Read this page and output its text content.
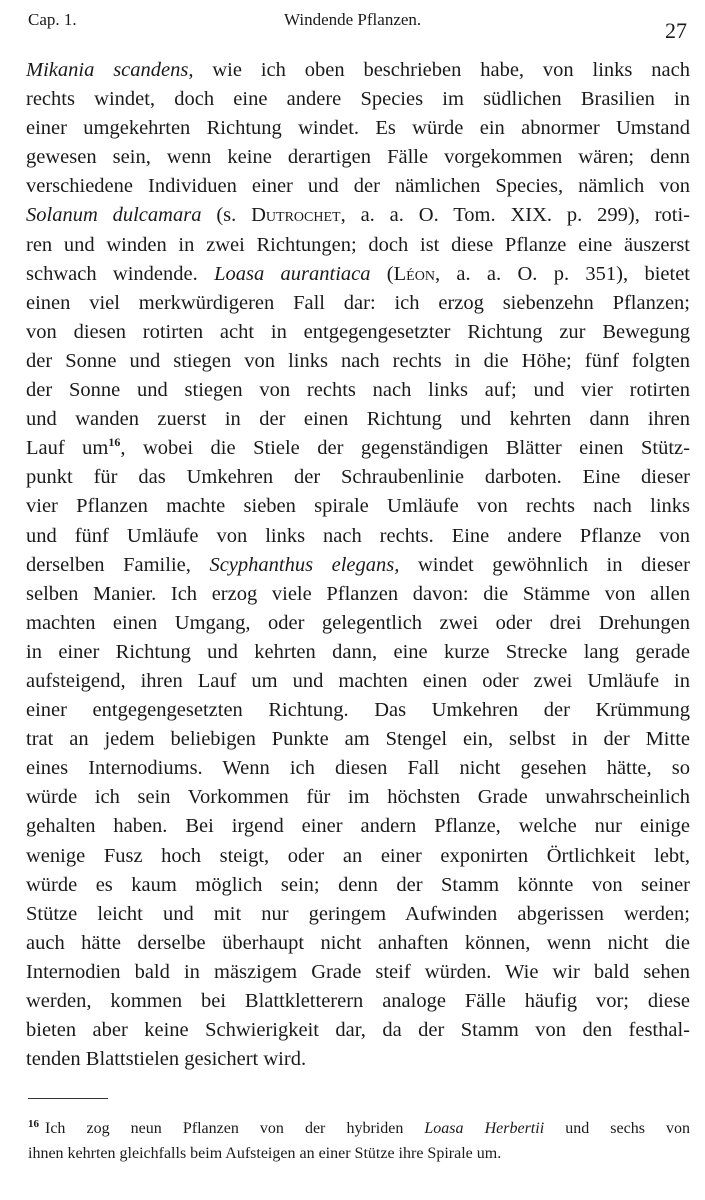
Cap. 1.	Windende Pflanzen.	27
Mikania scandens, wie ich oben beschrieben habe, von links nach
rechts windet, doch eine andere Species im südlichen Brasilien in
einer umgekehrten Richtung windet. Es würde ein abnormer Umstand
gewesen sein, wenn keine derartigen Fälle vorgekommen wären; denn
verschiedene Individuen einer und der nämlichen Species, nämlich von
Solanum dulcamara (s. Dutrochet, a. a. O. Tom. XIX. p. 299), roti-
ren und winden in zwei Richtungen; doch ist diese Pflanze eine äuszerst
schwach windende. Loasa aurantiaca (Léon, a. a. O. p. 351), bietet
einen viel merkwürdigeren Fall dar: ich erzog siebenzehn Pflanzen;
von diesen rotirten acht in entgegengesetzter Richtung zur Bewegung
der Sonne und stiegen von links nach rechts in die Höhe; fünf folgten
der Sonne und stiegen von rechts nach links auf; und vier rotirten
und wanden zuerst in der einen Richtung und kehrten dann ihren
Lauf $um^{16}$, wobei die Stiele der gegenständigen Blätter einen Stütz-
punkt für das Umkehren der Schraubenlinie darboten. Eine dieser
vier Pflanzen machte sieben spirale Umläufe von rechts nach links
und fünf Umläufe von links nach rechts. Eine andere Pflanze von
derselben Familie, Scyphanthus elegans, windet gewöhnlich in dieser
selben Manier. Ich erzog viele Pflanzen davon: die Stämme von allen
machten einen Umgang, oder gelegentlich zwei oder drei Drehungen
in einer Richtung und kehrten dann, eine kurze Strecke lang gerade
aufsteigend, ihren Lauf um und machten einen oder zwei Umläufe in
einer entgegengesetzten Richtung. Das Umkehren der Krümmung
trat an jedem beliebigen Punkte am Stengel ein, selbst in der Mitte
eines Internodiums. Wenn ich diesen Fall nicht gesehen hätte, so
würde ich sein Vorkommen für im höchsten Grade unwahrscheinlich
gehalten haben. Bei irgend einer andern Pflanze, welche nur einige
wenige Fusz hoch steigt, oder an einer exponirten Örtlichkeit lebt,
würde es kaum möglich sein; denn der Stamm könnte von seiner
Stütze leicht und mit nur geringem Aufwinden abgerissen werden;
auch hätte derselbe überhaupt nicht anhaften können, wenn nicht die
Internodien bald in mäszigem Grade steif würden. Wie wir bald sehen
werden, kommen bei Blattkletterern analoge Fälle häufig vor; diese
bieten aber keine Schwierigkeit dar, da der Stamm von den festhal-
tenden Blattstielen gesichert wird.
$^{16}$ Ich zog neun Pflanzen von der hybriden Loasa Herbertii und sechs von
ihnen kehrten gleichfalls beim Aufsteigen an einer Stütze ihre Spirale um.
